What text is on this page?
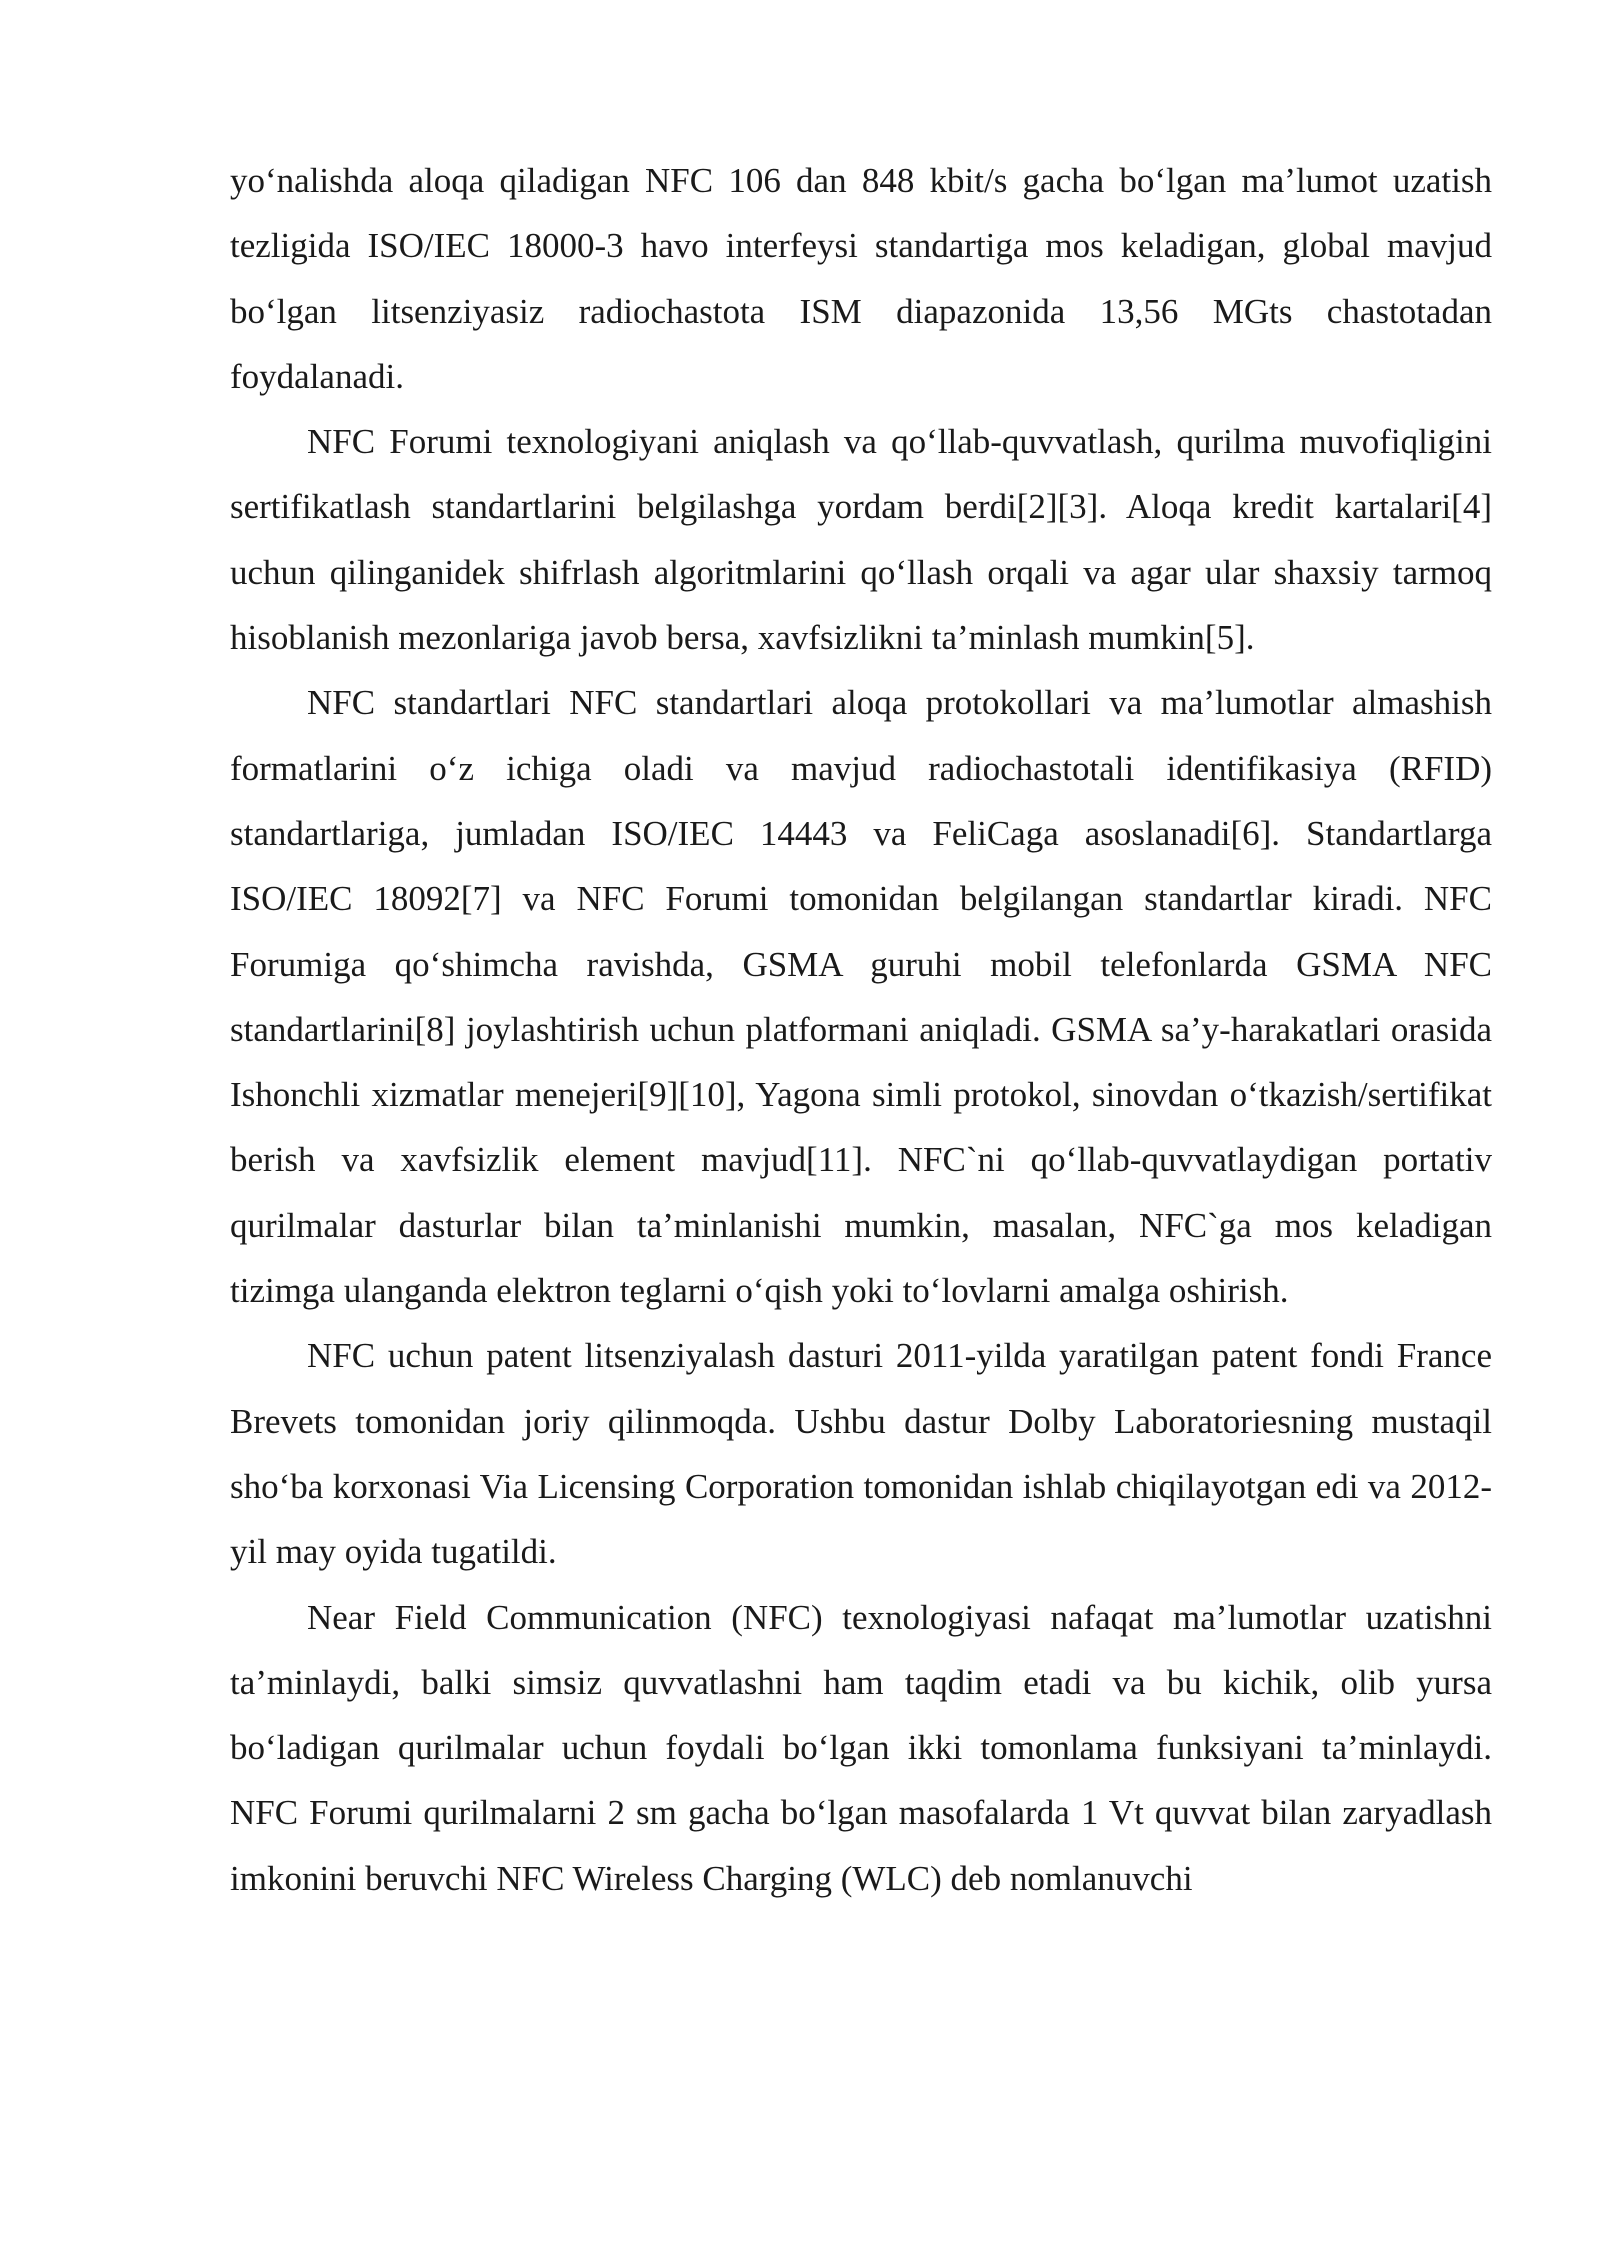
yo‘nalishda aloqa qiladigan NFC 106 dan 848 kbit/s gacha bo‘lgan ma’lumot uzatish tezligida ISO/IEC 18000-3 havo interfeysi standartiga mos keladigan, global mavjud bo‘lgan litsenziyasiz radiochastota ISM diapazonida 13,56 MGts chastotadan foydalanadi.

NFC Forumi texnologiyani aniqlash va qo‘llab-quvvatlash, qurilma muvofiqligini sertifikatlash standartlarini belgilashga yordam berdi[2][3]. Aloqa kredit kartalari[4] uchun qilinganidek shifrlash algoritmlarini qo‘llash orqali va agar ular shaxsiy tarmoq hisoblanish mezonlariga javob bersa, xavfsizlikni ta’minlash mumkin[5].

NFC standartlari NFC standartlari aloqa protokollari va ma’lumotlar almashish formatlarini o‘z ichiga oladi va mavjud radiochastotali identifikasiya (RFID) standartlariga, jumladan ISO/IEC 14443 va FeliCaga asoslanadi[6]. Standartlarga ISO/IEC 18092[7] va NFC Forumi tomonidan belgilangan standartlar kiradi. NFC Forumiga qo‘shimcha ravishda, GSMA guruhi mobil telefonlarda GSMA NFC standartlarini[8] joylashtirish uchun platformani aniqladi. GSMA sa’y-harakatlari orasida Ishonchli xizmatlar menejeri[9][10], Yagona simli protokol, sinovdan o‘tkazish/sertifikat berish va xavfsizlik element mavjud[11]. NFC`ni qo‘llab-quvvatlaydigan portativ qurilmalar dasturlar bilan ta’minlanishi mumkin, masalan, NFC`ga mos keladigan tizimga ulanganda elektron teglarni o‘qish yoki to‘lovlarni amalga oshirish.

NFC uchun patent litsenziyalash dasturi 2011-yilda yaratilgan patent fondi France Brevets tomonidan joriy qilinmoqda. Ushbu dastur Dolby Laboratoriesning mustaqil sho‘ba korxonasi Via Licensing Corporation tomonidan ishlab chiqilayotgan edi va 2012-yil may oyida tugatildi.

Near Field Communication (NFC) texnologiyasi nafaqat ma’lumotlar uzatishni ta’minlaydi, balki simsiz quvvatlashni ham taqdim etadi va bu kichik, olib yursa bo‘ladigan qurilmalar uchun foydali bo‘lgan ikki tomonlama funksiyani ta’minlaydi. NFC Forumi qurilmalarni 2 sm gacha bo‘lgan masofalarda 1 Vt quvvat bilan zaryadlash imkonini beruvchi NFC Wireless Charging (WLC) deb nomlanuvchi
